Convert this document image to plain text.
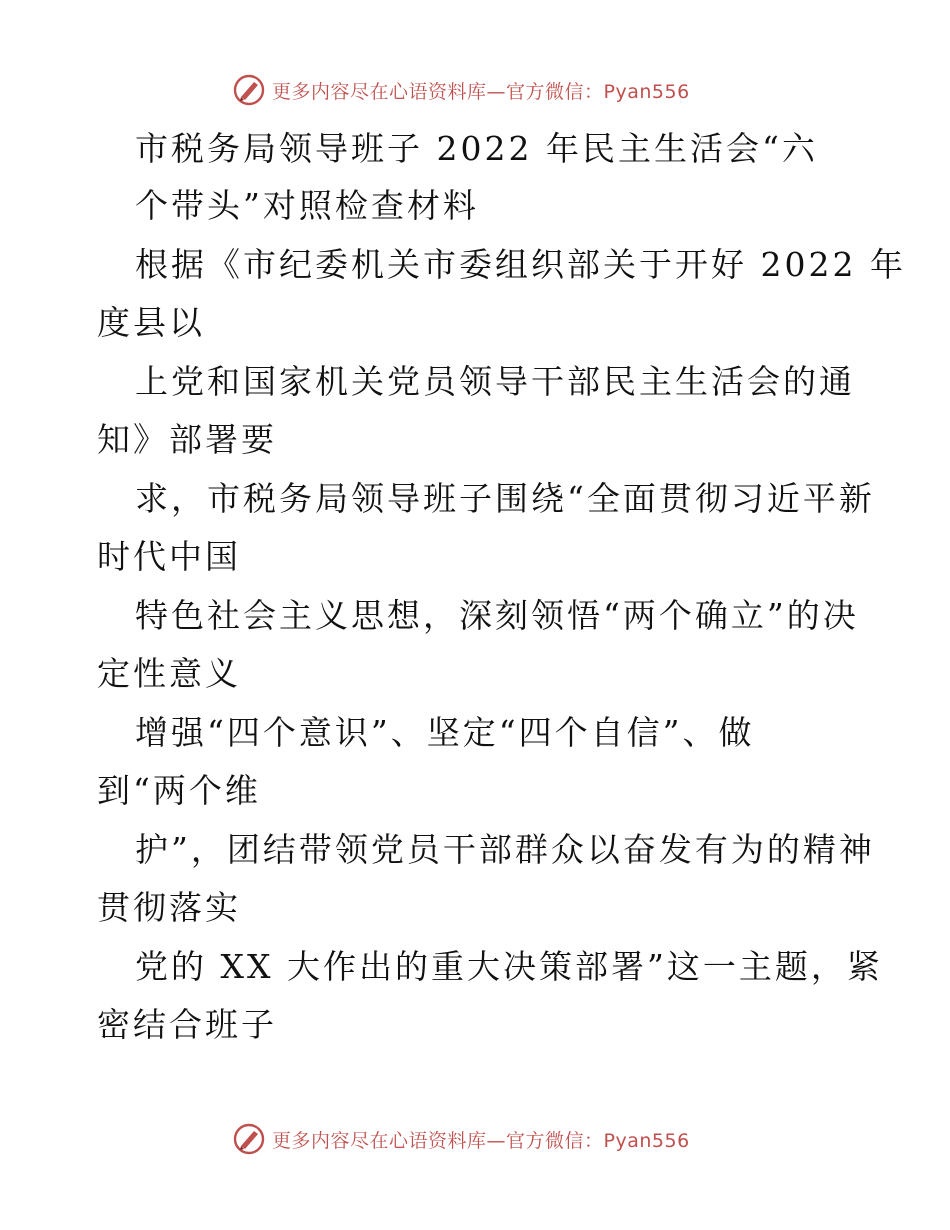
更多内容尽在心语资料库—官方微信：Pyan556
市税务局领导班子 2022 年民主生活会“六
个带头”对照检查材料
根据《市纪委机关市委组织部关于开好 2022 年
度县以
上党和国家机关党员领导干部民主生活会的通
知》部署要
求，市税务局领导班子围绕“全面贯彻习近平新
时代中国
特色社会主义思想，深刻领悟“两个确立”的决
定性意义
增强“四个意识”、坚定“四个自信”、做
到“两个维
护”，团结带领党员干部群众以奋发有为的精神
贯彻落实
党的 XX 大作出的重大决策部署”这一主题，紧
密结合班子
更多内容尽在心语资料库—官方微信：Pyan556
